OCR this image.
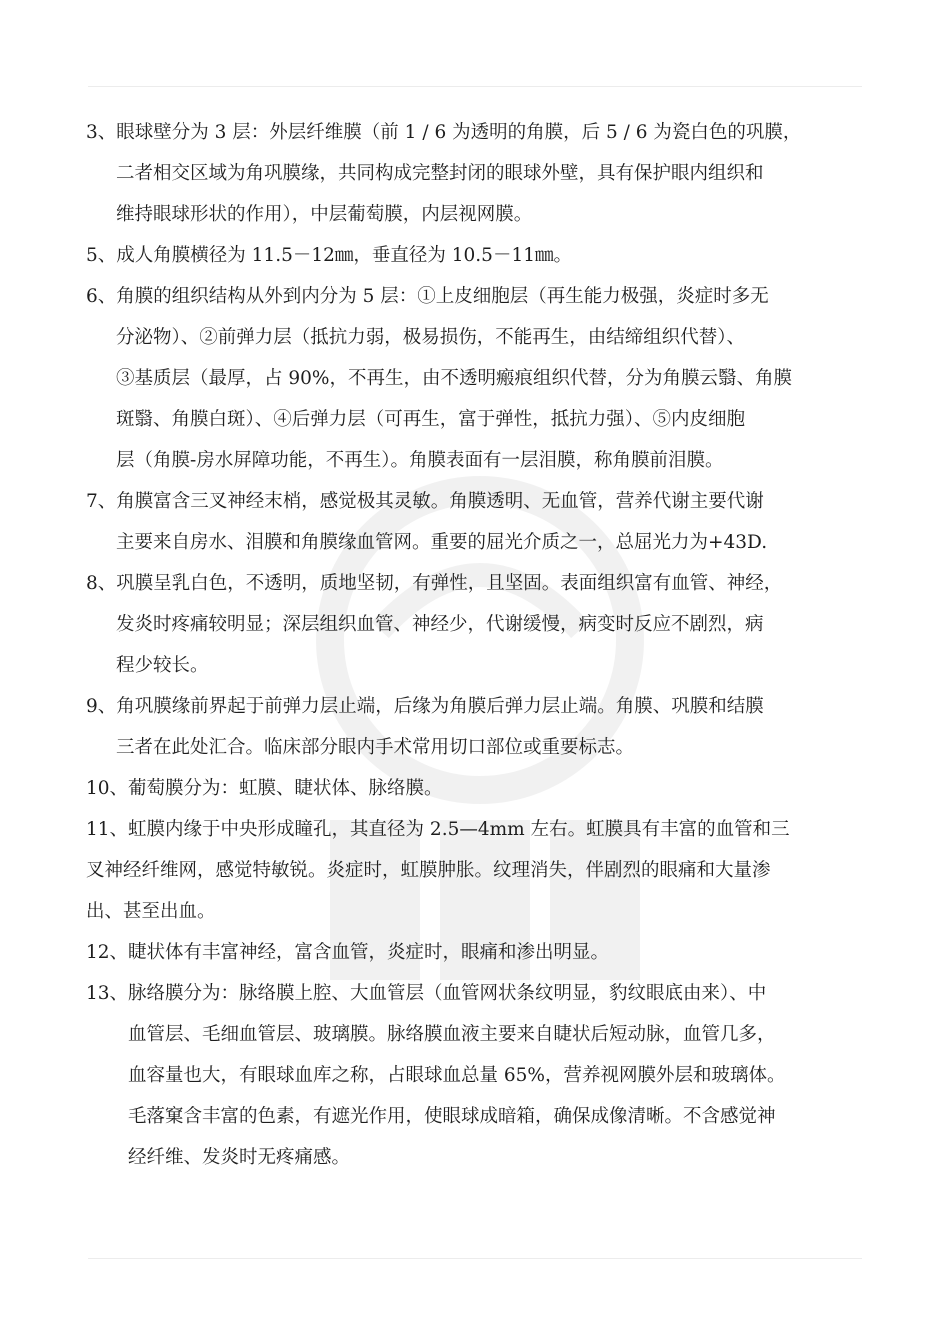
3、眼球壁分为 3 层：外层纤维膜（前 1 / 6 为透明的角膜，后 5 / 6 为瓷白色的巩膜，
二者相交区域为角巩膜缘，共同构成完整封闭的眼球外壁，具有保护眼内组织和
维持眼球形状的作用），中层葡萄膜，内层视网膜。

5、成人角膜横径为 11.5－12㎜，垂直径为 10.5－11㎜。

6、角膜的组织结构从外到内分为 5 层：①上皮细胞层（再生能力极强，炎症时多无
分泌物）、②前弹力层（抵抗力弱，极易损伤，不能再生，由结缔组织代替）、
③基质层（最厚，占 90%，不再生，由不透明瘢痕组织代替，分为角膜云翳、角膜
斑翳、角膜白斑）、④后弹力层（可再生，富于弹性，抵抗力强）、⑤内皮细胞
层（角膜-房水屏障功能，不再生）。角膜表面有一层泪膜，称角膜前泪膜。

7、角膜富含三叉神经末梢，感觉极其灵敏。角膜透明、无血管，营养代谢主要代谢
主要来自房水、泪膜和角膜缘血管网。重要的屈光介质之一，总屈光力为+43D.

8、巩膜呈乳白色，不透明，质地坚韧，有弹性，且坚固。表面组织富有血管、神经，
发炎时疼痛较明显；深层组织血管、神经少，代谢缓慢，病变时反应不剧烈，病
程少较长。

9、角巩膜缘前界起于前弹力层止端，后缘为角膜后弹力层止端。角膜、巩膜和结膜
三者在此处汇合。临床部分眼内手术常用切口部位或重要标志。

10、葡萄膜分为：虹膜、睫状体、脉络膜。

11、虹膜内缘于中央形成瞳孔，其直径为 2.5—4mm 左右。虹膜具有丰富的血管和三
叉神经纤维网，感觉特敏锐。炎症时，虹膜肿胀。纹理消失，伴剧烈的眼痛和大量渗
出、甚至出血。

12、睫状体有丰富神经，富含血管，炎症时，眼痛和渗出明显。

13、脉络膜分为：脉络膜上腔、大血管层（血管网状条纹明显，豹纹眼底由来）、中
血管层、毛细血管层、玻璃膜。脉络膜血液主要来自睫状后短动脉，血管几多，
血容量也大，有眼球血库之称，占眼球血总量 65%，营养视网膜外层和玻璃体。
毛落窠含丰富的色素，有遮光作用，使眼球成暗箱，确保成像清晰。不含感觉神
经纤维、发炎时无疼痛感。
